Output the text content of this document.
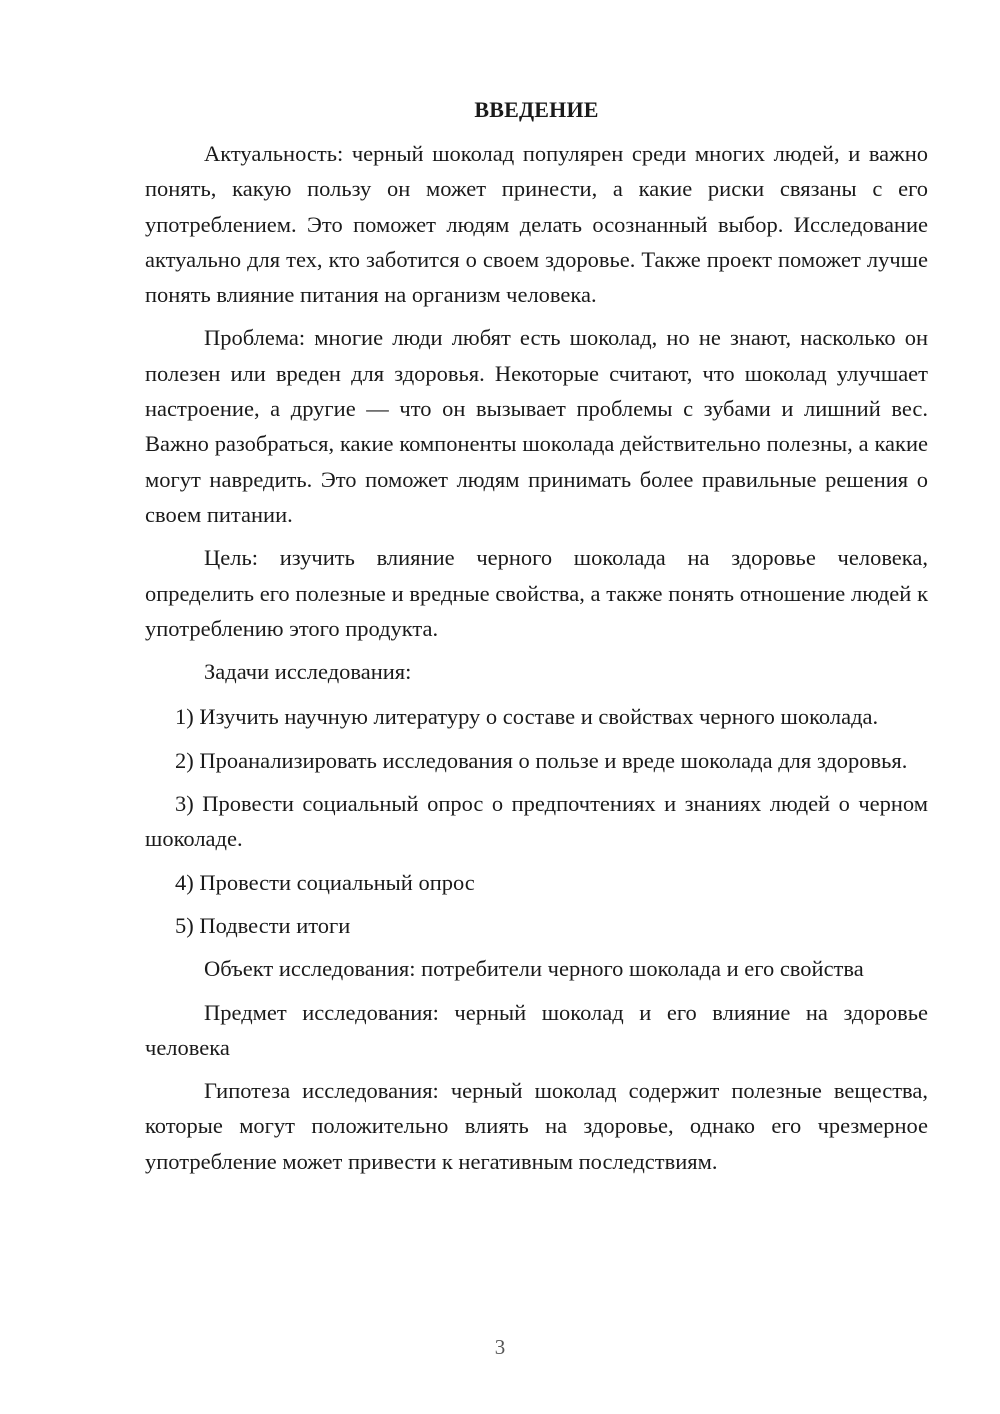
ВВЕДЕНИЕ

Актуальность: черный шоколад популярен среди многих людей, и важно понять, какую пользу он может принести, а какие риски связаны с его употреблением. Это поможет людям делать осознанный выбор. Исследование актуально для тех, кто заботится о своем здоровье. Также проект поможет лучше понять влияние питания на организм человека.

Проблема: многие люди любят есть шоколад, но не знают, насколько он полезен или вреден для здоровья. Некоторые считают, что шоколад улучшает настроение, а другие — что он вызывает проблемы с зубами и лишний вес. Важно разобраться, какие компоненты шоколада действительно полезны, а какие могут навредить. Это поможет людям принимать более правильные решения о своем питании.

Цель: изучить влияние черного шоколада на здоровье человека, определить его полезные и вредные свойства, а также понять отношение людей к употреблению этого продукта.

Задачи исследования:

1) Изучить научную литературу о составе и свойствах черного шоколада.

2) Проанализировать исследования о пользе и вреде шоколада для здоровья.

3) Провести социальный опрос о предпочтениях и знаниях людей о черном шоколаде.

4) Провести социальный опрос

5) Подвести итоги

Объект исследования: потребители черного шоколада и его свойства

Предмет исследования: черный шоколад и его влияние на здоровье человека

Гипотеза исследования: черный шоколад содержит полезные вещества, которые могут положительно влиять на здоровье, однако его чрезмерное употребление может привести к негативным последствиям.

3
